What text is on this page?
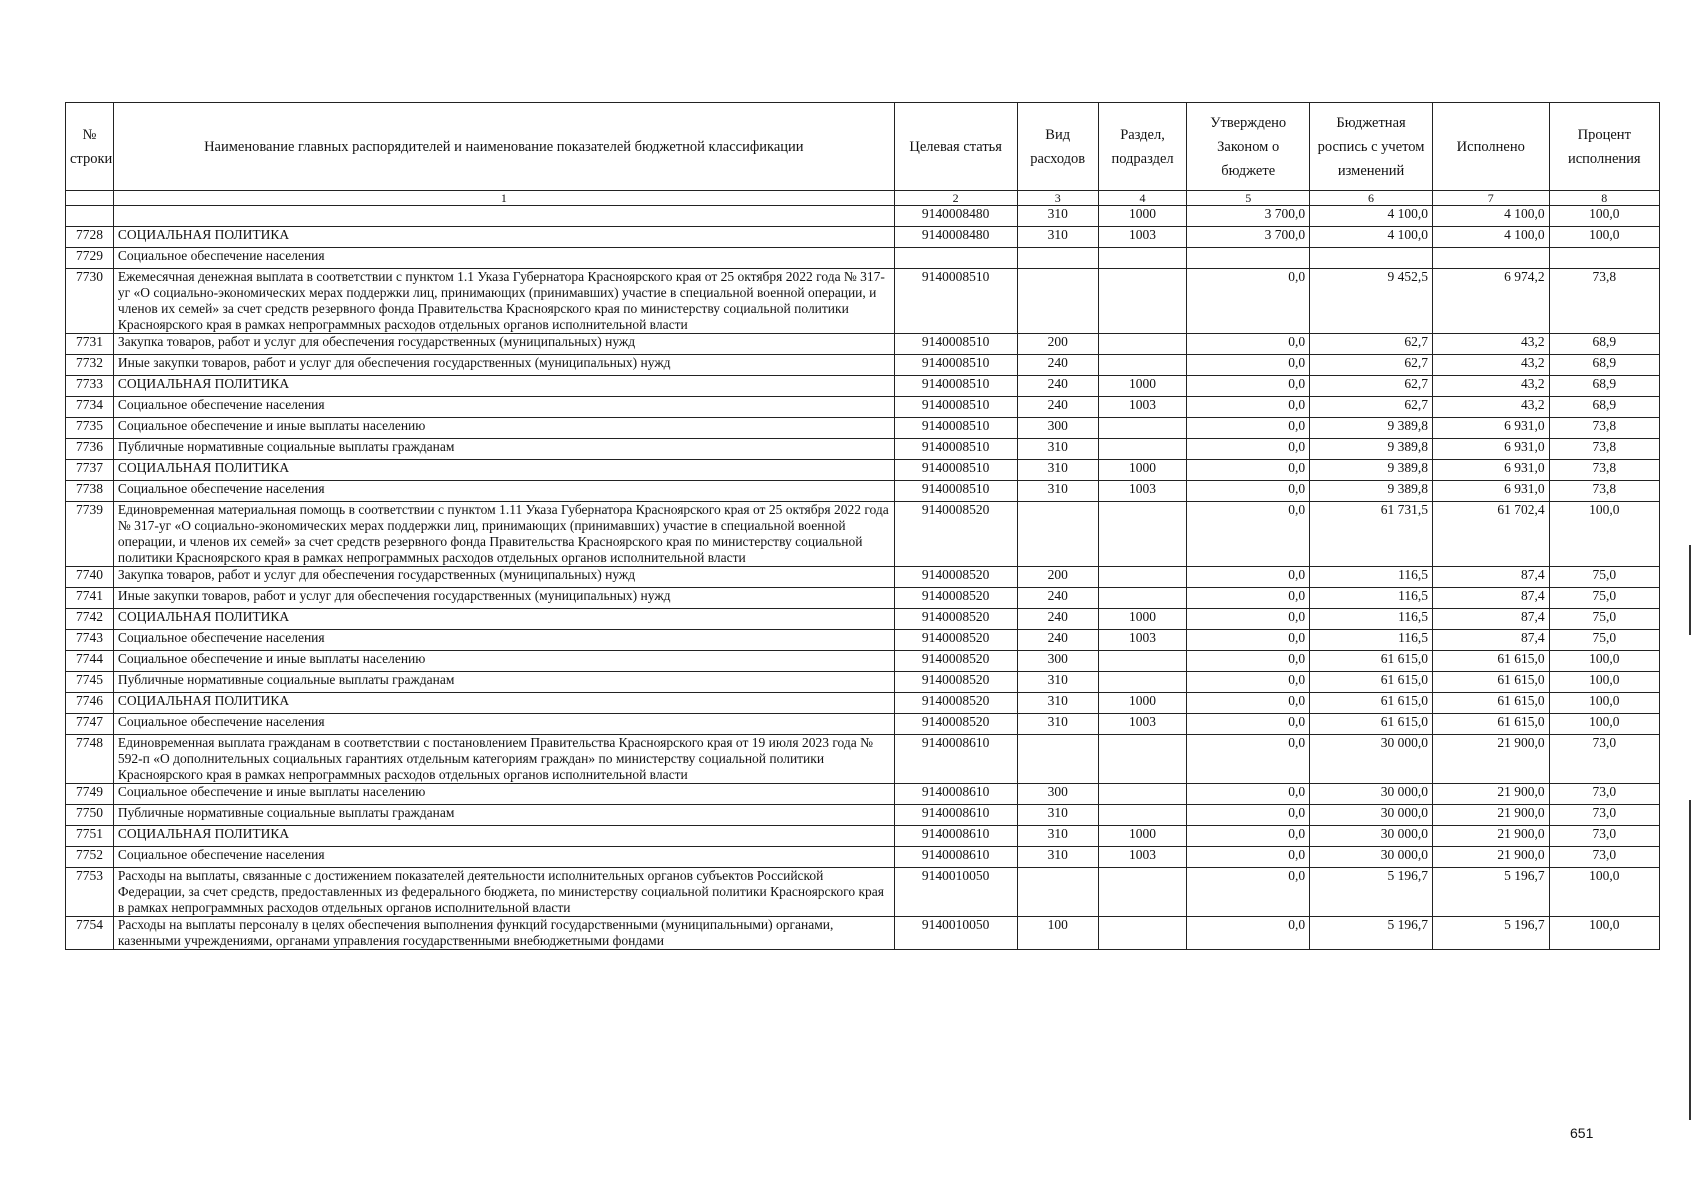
№ строки	Наименование главных распорядителей и наименование показателей бюджетной классификации	Целевая статья	Вид расходов	Раздел, подраздел	Утверждено Законом о бюджете	Бюджетная роспись с учетом изменений	Исполнено	Процент исполнения
	1	2	3	4	5	6	7	8
		9140008480	310	1000	3 700,0	4 100,0	4 100,0	100,0
7728	СОЦИАЛЬНАЯ ПОЛИТИКА	9140008480	310	1003	3 700,0	4 100,0	4 100,0	100,0
7729	Социальное обеспечение населения							
7730	Ежемесячная денежная выплата в соответствии с пунктом 1.1 Указа Губернатора Красноярского края от 25 октября 2022 года № 317-уг «О социально-экономических мерах поддержки лиц, принимающих (принимавших) участие в специальной военной операции, и членов их семей» за счет средств резервного фонда Правительства Красноярского края по министерству социальной политики Красноярского края в рамках непрограммных расходов отдельных органов исполнительной власти	9140008510			0,0	9 452,5	6 974,2	73,8
7731	Закупка товаров, работ и услуг для обеспечения государственных (муниципальных) нужд	9140008510	200		0,0	62,7	43,2	68,9
7732	Иные закупки товаров, работ и услуг для обеспечения государственных (муниципальных) нужд	9140008510	240		0,0	62,7	43,2	68,9
7733	СОЦИАЛЬНАЯ ПОЛИТИКА	9140008510	240	1000	0,0	62,7	43,2	68,9
7734	Социальное обеспечение населения	9140008510	240	1003	0,0	62,7	43,2	68,9
7735	Социальное обеспечение и иные выплаты населению	9140008510	300		0,0	9 389,8	6 931,0	73,8
7736	Публичные нормативные социальные выплаты гражданам	9140008510	310		0,0	9 389,8	6 931,0	73,8
7737	СОЦИАЛЬНАЯ ПОЛИТИКА	9140008510	310	1000	0,0	9 389,8	6 931,0	73,8
7738	Социальное обеспечение населения	9140008510	310	1003	0,0	9 389,8	6 931,0	73,8
7739	Единовременная материальная помощь в соответствии с пунктом 1.11 Указа Губернатора Красноярского края от 25 октября 2022 года № 317-уг «О социально-экономических мерах поддержки лиц, принимающих (принимавших) участие в специальной военной операции, и членов их семей» за счет средств резервного фонда Правительства Красноярского края по министерству социальной политики Красноярского края в рамках непрограммных расходов отдельных органов исполнительной власти	9140008520			0,0	61 731,5	61 702,4	100,0
7740	Закупка товаров, работ и услуг для обеспечения государственных (муниципальных) нужд	9140008520	200		0,0	116,5	87,4	75,0
7741	Иные закупки товаров, работ и услуг для обеспечения государственных (муниципальных) нужд	9140008520	240		0,0	116,5	87,4	75,0
7742	СОЦИАЛЬНАЯ ПОЛИТИКА	9140008520	240	1000	0,0	116,5	87,4	75,0
7743	Социальное обеспечение населения	9140008520	240	1003	0,0	116,5	87,4	75,0
7744	Социальное обеспечение и иные выплаты населению	9140008520	300		0,0	61 615,0	61 615,0	100,0
7745	Публичные нормативные социальные выплаты гражданам	9140008520	310		0,0	61 615,0	61 615,0	100,0
7746	СОЦИАЛЬНАЯ ПОЛИТИКА	9140008520	310	1000	0,0	61 615,0	61 615,0	100,0
7747	Социальное обеспечение населения	9140008520	310	1003	0,0	61 615,0	61 615,0	100,0
7748	Единовременная выплата гражданам в соответствии с постановлением Правительства Красноярского края от 19 июля 2023 года № 592-п «О дополнительных социальных гарантиях отдельным категориям граждан» по министерству социальной политики Красноярского края в рамках непрограммных расходов отдельных органов исполнительной власти	9140008610			0,0	30 000,0	21 900,0	73,0
7749	Социальное обеспечение и иные выплаты населению	9140008610	300		0,0	30 000,0	21 900,0	73,0
7750	Публичные нормативные социальные выплаты гражданам	9140008610	310		0,0	30 000,0	21 900,0	73,0
7751	СОЦИАЛЬНАЯ ПОЛИТИКА	9140008610	310	1000	0,0	30 000,0	21 900,0	73,0
7752	Социальное обеспечение населения	9140008610	310	1003	0,0	30 000,0	21 900,0	73,0
7753	Расходы на выплаты, связанные с достижением показателей деятельности исполнительных органов субъектов Российской Федерации, за счет средств, предоставленных из федерального бюджета, по министерству социальной политики Красноярского края в рамках непрограммных расходов отдельных органов исполнительной власти	9140010050			0,0	5 196,7	5 196,7	100,0
7754	Расходы на выплаты персоналу в целях обеспечения выполнения функций государственными (муниципальными) органами, казенными учреждениями, органами управления государственными внебюджетными фондами	9140010050	100		0,0	5 196,7	5 196,7	100,0
651
